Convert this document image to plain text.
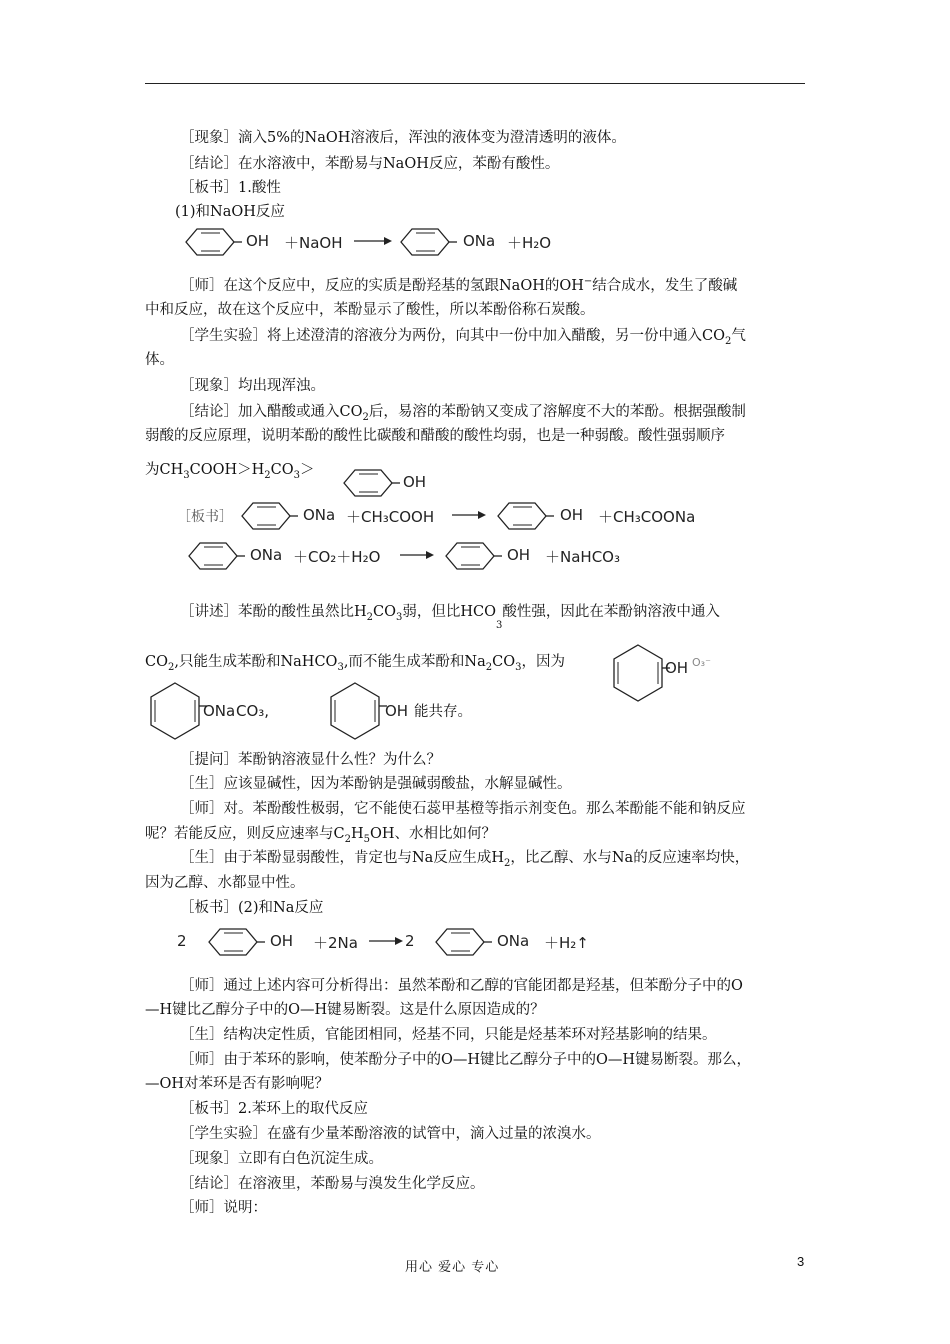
［现象］滴入5%的NaOH溶液后，浑浊的液体变为澄清透明的液体。
［结论］在水溶液中，苯酚易与NaOH反应，苯酚有酸性。
［板书］1.酸性
(1)和NaOH反应
OH ＋NaOH	ONa ＋H₂O
［师］在这个反应中，反应的实质是酚羟基的氢跟NaOH的OH−结合成水，发生了酸碱
中和反应，故在这个反应中，苯酚显示了酸性，所以苯酚俗称石炭酸。
［学生实验］将上述澄清的溶液分为两份，向其中一份中加入醋酸，另一份中通入$CO_2$气
体。
［现象］均出现浑浊。
［结论］加入醋酸或通入$CO_2$后，易溶的苯酚钠又变成了溶解度不大的苯酚。根据强酸制
弱酸的反应原理，说明苯酚的酸性比碳酸和醋酸的酸性均弱，也是一种弱酸。酸性强弱顺序
为$CH_3COOH>H_2CO_3>$
OH
［板书］	ONa ＋CH₃COOH	OH ＋CH₃COONa
ONa ＋CO₂＋H₂O	OH ＋NaHCO₃
［讲述］苯酚的酸性虽然比$H_2CO_3$弱，但比$HCO_3$酸性强，因此在苯酚钠溶液中通入
$CO_2$,只能生成苯酚和NaHCO$_3$,而不能生成苯酚和$Na_2CO_3$，因为	OH O₃⁻
ONa CO₃,	OH 能共存。
［提问］苯酚钠溶液显什么性？为什么？
［生］应该显碱性，因为苯酚钠是强碱弱酸盐，水解显碱性。
［师］对。苯酚酸性极弱，它不能使石蕊甲基橙等指示剂变色。那么苯酚能不能和钠反应
呢？若能反应，则反应速率与$C_2H_5OH$、水相比如何？
［生］由于苯酚显弱酸性，肯定也与Na反应生成$H_2$，比乙醇、水与Na的反应速率均快，
因为乙醇、水都显中性。
［板书］(2)和Na反应
2	OH ＋2Na	2	ONa ＋H₂↑
［师］通过上述内容可分析得出：虽然苯酚和乙醇的官能团都是羟基，但苯酚分子中的O
—H键比乙醇分子中的O—H键易断裂。这是什么原因造成的？
［生］结构决定性质，官能团相同，烃基不同，只能是烃基苯环对羟基影响的结果。
［师］由于苯环的影响，使苯酚分子中的O—H键比乙醇分子中的O—H键易断裂。那么，
—OH对苯环是否有影响呢？
［板书］2.苯环上的取代反应
［学生实验］在盛有少量苯酚溶液的试管中，滴入过量的浓溴水。
［现象］立即有白色沉淀生成。
［结论］在溶液里，苯酚易与溴发生化学反应。
［师］说明：
用心 爱心 专心	3
